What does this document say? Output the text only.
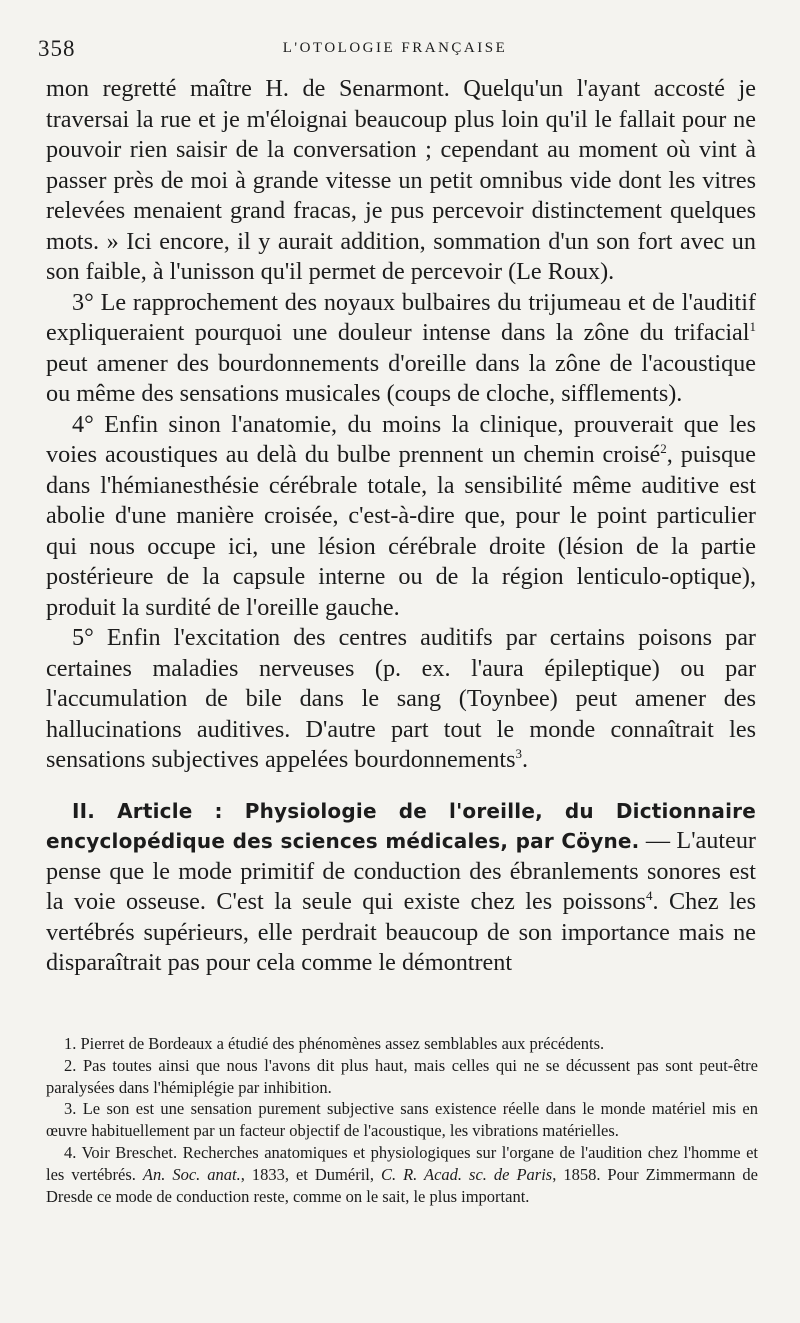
358	L'OTOLOGIE FRANÇAISE

mon regretté maître H. de Senarmont. Quelqu'un l'ayant accosté je traversai la rue et je m'éloignai beaucoup plus loin qu'il le fallait pour ne pouvoir rien saisir de la conversation ; cependant au moment où vint à passer près de moi à grande vitesse un petit omnibus vide dont les vitres relevées menaient grand fracas, je pus percevoir distinctement quelques mots. » Ici encore, il y aurait addition, sommation d'un son fort avec un son faible, à l'unisson qu'il permet de percevoir (Le Roux).

3° Le rapprochement des noyaux bulbaires du trijumeau et de l'auditif expliqueraient pourquoi une douleur intense dans la zône du trifacial$^1$ peut amener des bourdonnements d'oreille dans la zône de l'acoustique ou même des sensations musicales (coups de cloche, sifflements).

4° Enfin sinon l'anatomie, du moins la clinique, prouverait que les voies acoustiques au delà du bulbe prennent un chemin croisé$^2$, puisque dans l'hémianesthésie cérébrale totale, la sensibilité même auditive est abolie d'une manière croisée, c'est-à-dire que, pour le point particulier qui nous occupe ici, une lésion cérébrale droite (lésion de la partie postérieure de la capsule interne ou de la région lenticulo-optique), produit la surdité de l'oreille gauche.

5° Enfin l'excitation des centres auditifs par certains poisons par certaines maladies nerveuses (p. ex. l'aura épileptique) ou par l'accumulation de bile dans le sang (Toynbee) peut amener des hallucinations auditives. D'autre part tout le monde connaîtrait les sensations subjectives appelées bourdonnements$^3$.

II. Article : Physiologie de l'oreille, du Dictionnaire encyclopédique des sciences médicales, par Cöyne. — L'auteur pense que le mode primitif de conduction des ébranlements sonores est la voie osseuse. C'est la seule qui existe chez les poissons$^4$. Chez les vertébrés supérieurs, elle perdrait beaucoup de son importance mais ne disparaîtrait pas pour cela comme le démontrent

1. Pierret de Bordeaux a étudié des phénomènes assez semblables aux précédents.

2. Pas toutes ainsi que nous l'avons dit plus haut, mais celles qui ne se décussent pas sont peut-être paralysées dans l'hémiplégie par inhibition.

3. Le son est une sensation purement subjective sans existence réelle dans le monde matériel mis en œuvre habituellement par un facteur objectif de l'acoustique, les vibrations matérielles.

4. Voir Breschet. Recherches anatomiques et physiologiques sur l'organe de l'audition chez l'homme et les vertébrés. An. Soc. anat., 1833, et Duméril, C. R. Acad. sc. de Paris, 1858. Pour Zimmermann de Dresde ce mode de conduction reste, comme on le sait, le plus important.
